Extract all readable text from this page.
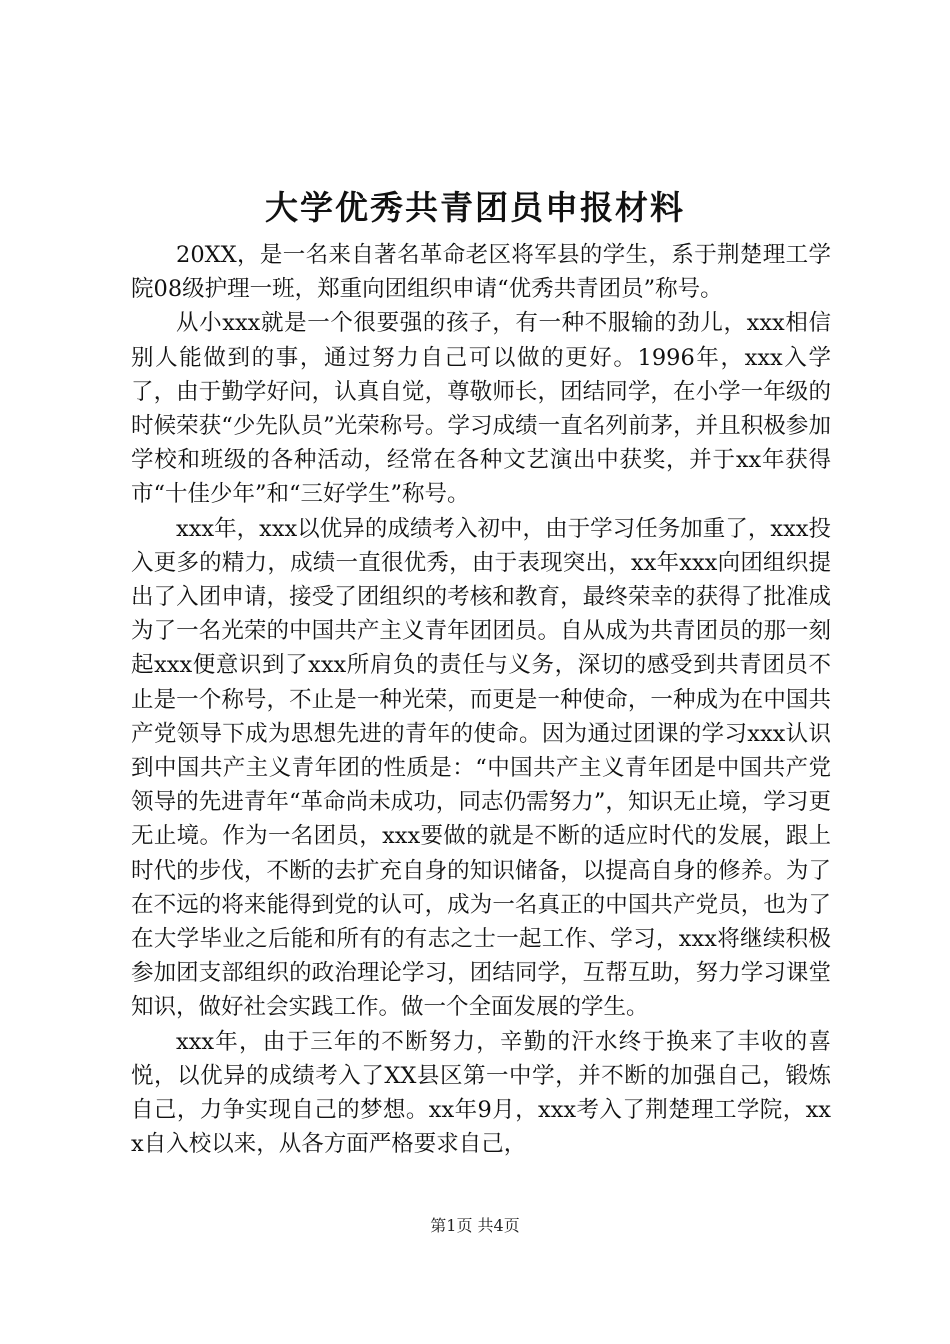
大学优秀共青团员申报材料

20XX，是一名来自著名革命老区将军县的学生，系于荆楚理工学院08级护理一班，郑重向团组织申请“优秀共青团员”称号。

从小xxx就是一个很要强的孩子，有一种不服输的劲儿，xxx相信别人能做到的事，通过努力自己可以做的更好。1996年，xxx入学了，由于勤学好问，认真自觉，尊敬师长，团结同学，在小学一年级的时候荣获“少先队员”光荣称号。学习成绩一直名列前茅，并且积极参加学校和班级的各种活动，经常在各种文艺演出中获奖，并于xx年获得市“十佳少年”和“三好学生”称号。

xxx年，xxx以优异的成绩考入初中，由于学习任务加重了，xxx投入更多的精力，成绩一直很优秀，由于表现突出，xx年xxx向团组织提出了入团申请，接受了团组织的考核和教育，最终荣幸的获得了批准成为了一名光荣的中国共产主义青年团团员。自从成为共青团员的那一刻起xxx便意识到了xxx所肩负的责任与义务，深切的感受到共青团员不止是一个称号，不止是一种光荣，而更是一种使命，一种成为在中国共产党领导下成为思想先进的青年的使命。因为通过团课的学习xxx认识到中国共产主义青年团的性质是：“中国共产主义青年团是中国共产党领导的先进青年“革命尚未成功，同志仍需努力”，知识无止境，学习更无止境。作为一名团员，xxx要做的就是不断的适应时代的发展，跟上时代的步伐，不断的去扩充自身的知识储备，以提高自身的修养。为了在不远的将来能得到党的认可，成为一名真正的中国共产党员，也为了在大学毕业之后能和所有的有志之士一起工作、学习，xxx将继续积极参加团支部组织的政治理论学习，团结同学，互帮互助，努力学习课堂知识，做好社会实践工作。做一个全面发展的学生。

xxx年，由于三年的不断努力，辛勤的汗水终于换来了丰收的喜悦，以优异的成绩考入了XX县区第一中学，并不断的加强自己，锻炼自己，力争实现自己的梦想。xx年9月，xxx考入了荆楚理工学院，xxx自入校以来，从各方面严格要求自己，

第1页 共4页
